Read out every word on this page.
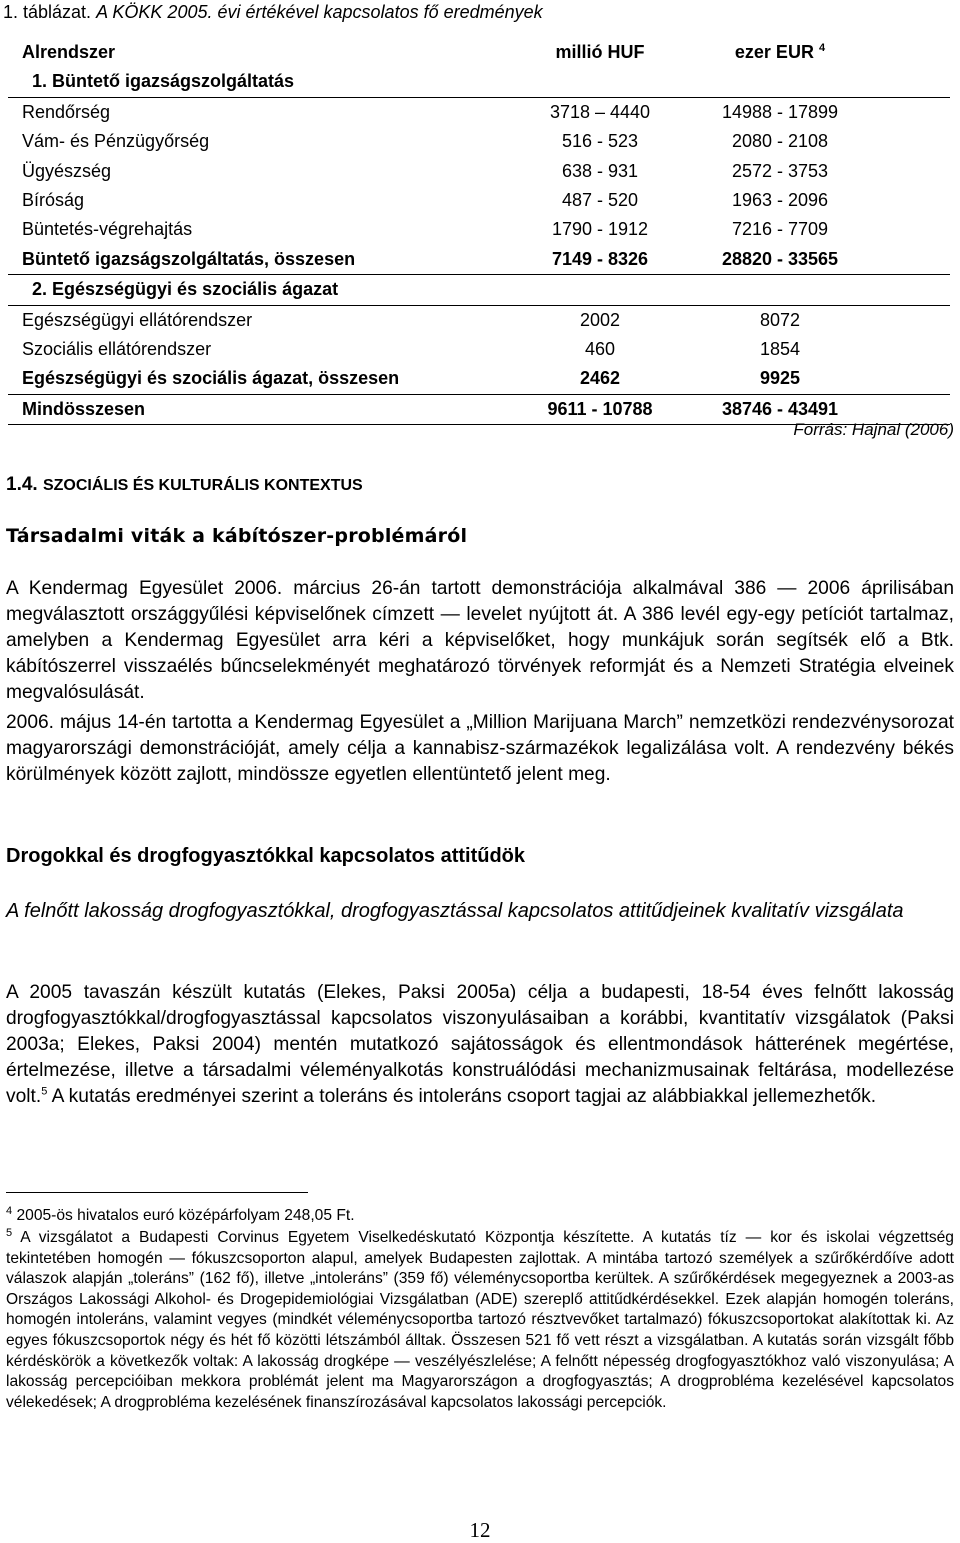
1. táblázat. A KÖKK 2005. évi értékével kapcsolatos fő eredmények
Alrendszer	millió HUF	ezer EUR $^4$
1. Büntető igazságszolgáltatás		
Rendőrség	3718 – 4440	14988 - 17899
Vám- és Pénzügyőrség	516 - 523	2080 - 2108
Ügyészség	638 - 931	2572 - 3753
Bíróság	487 - 520	1963 - 2096
Büntetés-végrehajtás	1790 - 1912	7216 - 7709
Büntető igazságszolgáltatás, összesen	7149 - 8326	28820 - 33565
2. Egészségügyi és szociális ágazat		
Egészségügyi ellátórendszer	2002	8072
Szociális ellátórendszer	460	1854
Egészségügyi és szociális ágazat, összesen	2462	9925
Mindösszesen	9611 - 10788	38746 - 43491
Forrás: Hajnal (2006)
1.4. SZOCIÁLIS ÉS KULTURÁLIS KONTEXTUS
Társadalmi viták a kábítószer-problémáról
A Kendermag Egyesület 2006. március 26-án tartott demonstrációja alkalmával 386 — 2006 áprilisában megválasztott országgyűlési képviselőnek címzett — levelet nyújtott át. A 386 levél egy-egy petíciót tartalmaz, amelyben a Kendermag Egyesület arra kéri a képviselőket, hogy munkájuk során segítsék elő a Btk. kábítószerrel visszaélés bűncselekményét meghatározó törvények reformját és a Nemzeti Stratégia elveinek megvalósulását.
2006. május 14-én tartotta a Kendermag Egyesület a „Million Marijuana March” nemzetközi rendezvénysorozat magyarországi demonstrációját, amely célja a kannabisz-származékok legalizálása volt. A rendezvény békés körülmények között zajlott, mindössze egyetlen ellentüntető jelent meg.
Drogokkal és drogfogyasztókkal kapcsolatos attitűdök
A felnőtt lakosság drogfogyasztókkal, drogfogyasztással kapcsolatos attitűdjeinek kvalitatív vizsgálata
A 2005 tavaszán készült kutatás (Elekes, Paksi 2005a) célja a budapesti, 18-54 éves felnőtt lakosság drogfogyasztókkal/drogfogyasztással kapcsolatos viszonyulásaiban a korábbi, kvantitatív vizsgálatok (Paksi 2003a; Elekes, Paksi 2004) mentén mutatkozó sajátosságok és ellentmondások hátterének megértése, értelmezése, illetve a társadalmi véleményalkotás konstruálódási mechanizmusainak feltárása, modellezése volt.$^5$ A kutatás eredményei szerint a toleráns és intoleráns csoport tagjai az alábbiakkal jellemezhetők.
$^4$ 2005-ös hivatalos euró középárfolyam 248,05 Ft.
$^5$ A vizsgálatot a Budapesti Corvinus Egyetem Viselkedéskutató Központja készítette. A kutatás tíz — kor és iskolai végzettség tekintetében homogén — fókuszcsoporton alapul, amelyek Budapesten zajlottak. A mintába tartozó személyek a szűrőkérdőíve adott válaszok alapján „toleráns” (162 fő), illetve „intoleráns” (359 fő) véleménycsoportba kerültek. A szűrőkérdések megegyeznek a 2003-as Országos Lakossági Alkohol- és Drogepidemiológiai Vizsgálatban (ADE) szereplő attitűdkérdésekkel. Ezek alapján homogén toleráns, homogén intoleráns, valamint vegyes (mindkét véleménycsoportba tartozó résztvevőket tartalmazó) fókuszcsoportokat alakítottak ki. Az egyes fókuszcsoportok négy és hét fő közötti létszámból álltak. Összesen 521 fő vett részt a vizsgálatban. A kutatás során vizsgált főbb kérdéskörök a következők voltak: A lakosság drogképe — veszélyészlelése; A felnőtt népesség drogfogyasztókhoz való viszonyulása; A lakosság percepcióiban mekkora problémát jelent ma Magyarországon a drogfogyasztás; A drogprobléma kezelésével kapcsolatos vélekedések; A drogprobléma kezelésének finanszírozásával kapcsolatos lakossági percepciók.
12
